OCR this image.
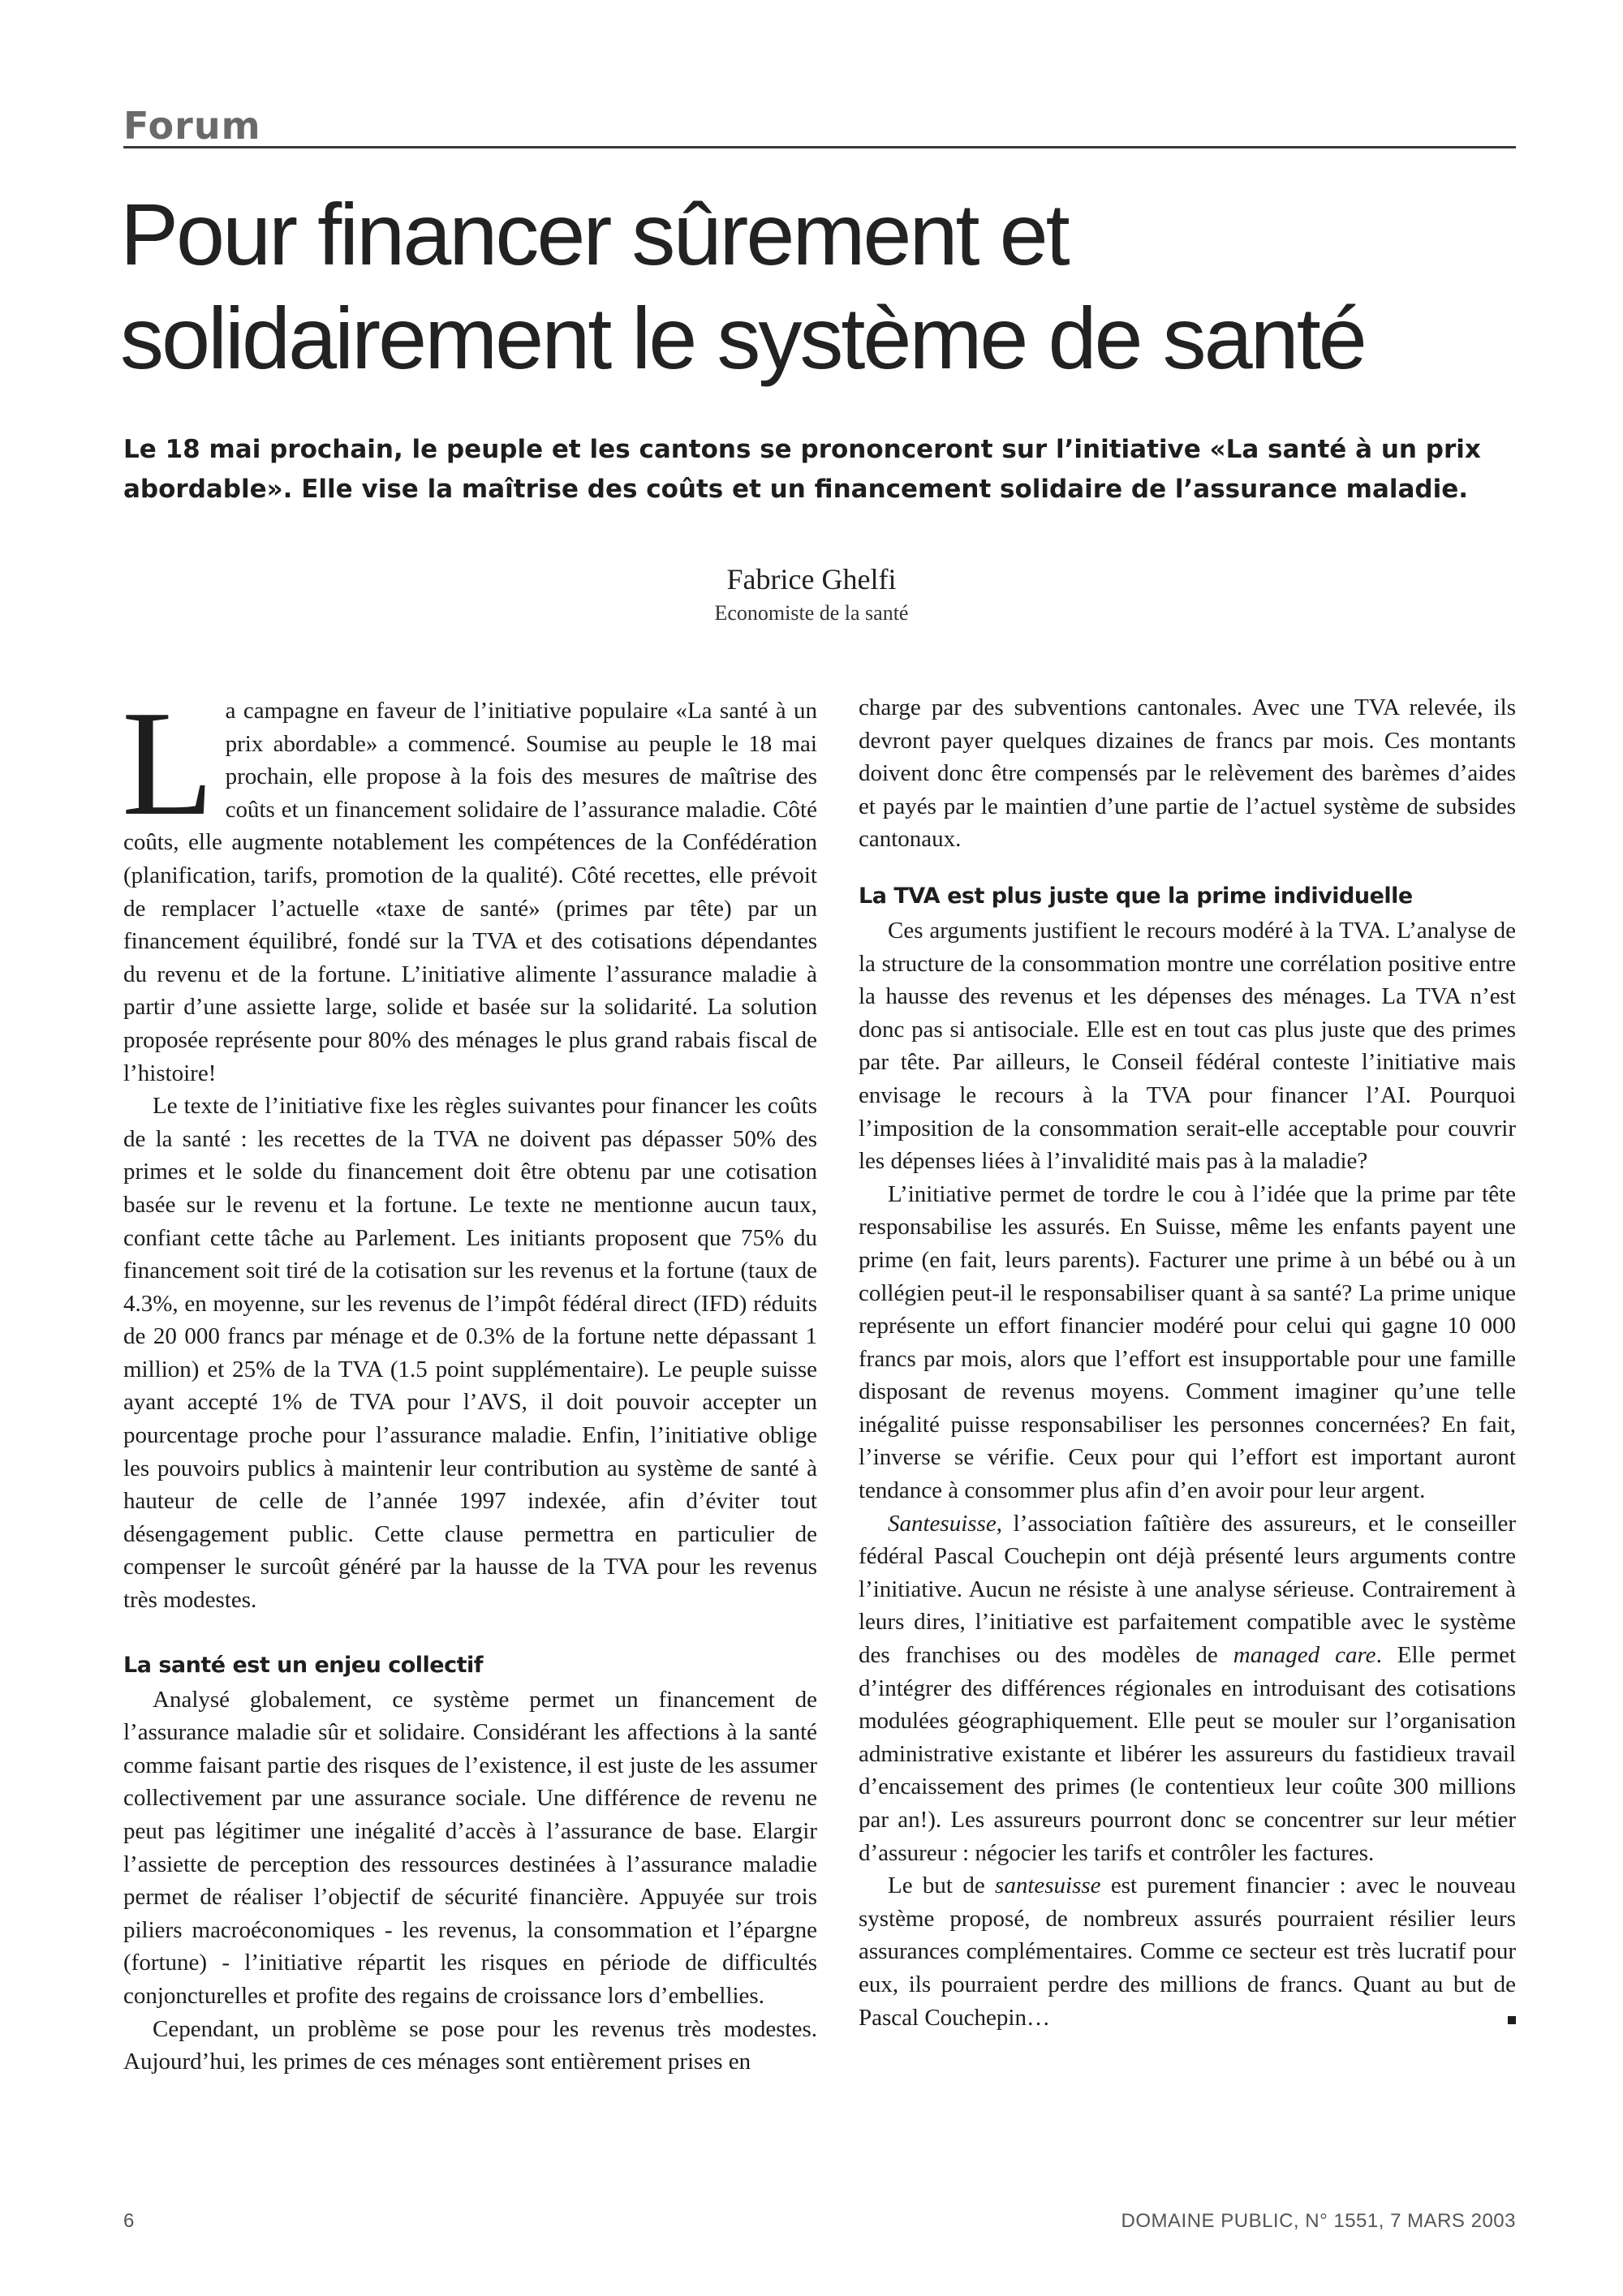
Forum
Pour financer sûrement et solidairement le système de santé

Le 18 mai prochain, le peuple et les cantons se prononceront sur l’initiative «La santé à un prix abordable». Elle vise la maîtrise des coûts et un financement solidaire de l’assurance maladie.

Fabrice Ghelfi
Economiste de la santé

La campagne en faveur de l’initiative populaire «La santé à un prix abordable» a commencé. Soumise au peuple le 18 mai prochain, elle propose à la fois des mesures de maîtrise des coûts et un financement solidaire de l’assurance maladie. Côté coûts, elle augmente notablement les compétences de la Confédération (planification, tarifs, promotion de la qualité). Côté recettes, elle prévoit de remplacer l’actuelle «taxe de santé» (primes par tête) par un financement équilibré, fondé sur la TVA et des cotisations dépendantes du revenu et de la fortune. L’initiative alimente l’assurance maladie à partir d’une assiette large, solide et basée sur la solidarité. La solution proposée représente pour 80% des ménages le plus grand rabais fiscal de l’histoire!

Le texte de l’initiative fixe les règles suivantes pour financer les coûts de la santé : les recettes de la TVA ne doivent pas dépasser 50% des primes et le solde du financement doit être obtenu par une cotisation basée sur le revenu et la fortune. Le texte ne mentionne aucun taux, confiant cette tâche au Parlement. Les initiants proposent que 75% du financement soit tiré de la cotisation sur les revenus et la fortune (taux de 4.3%, en moyenne, sur les revenus de l’impôt fédéral direct (IFD) réduits de 20 000 francs par ménage et de 0.3% de la fortune nette dépassant 1 million) et 25% de la TVA (1.5 point supplémentaire). Le peuple suisse ayant accepté 1% de TVA pour l’AVS, il doit pouvoir accepter un pourcentage proche pour l’assurance maladie. Enfin, l’initiative oblige les pouvoirs publics à maintenir leur contribution au système de santé à hauteur de celle de l’année 1997 indexée, afin d’éviter tout désengagement public. Cette clause permettra en particulier de compenser le surcoût généré par la hausse de la TVA pour les revenus très modestes.

La santé est un enjeu collectif

Analysé globalement, ce système permet un financement de l’assurance maladie sûr et solidaire. Considérant les affections à la santé comme faisant partie des risques de l’existence, il est juste de les assumer collectivement par une assurance sociale. Une différence de revenu ne peut pas légitimer une inégalité d’accès à l’assurance de base. Elargir l’assiette de perception des ressources destinées à l’assurance maladie permet de réaliser l’objectif de sécurité financière. Appuyée sur trois piliers macroéconomiques - les revenus, la consommation et l’épargne (fortune) - l’initiative répartit les risques en période de difficultés conjoncturelles et profite des regains de croissance lors d’embellies.

Cependant, un problème se pose pour les revenus très modestes. Aujourd’hui, les primes de ces ménages sont entièrement prises en

charge par des subventions cantonales. Avec une TVA relevée, ils devront payer quelques dizaines de francs par mois. Ces montants doivent donc être compensés par le relèvement des barèmes d’aides et payés par le maintien d’une partie de l’actuel système de subsides cantonaux.

La TVA est plus juste que la prime individuelle

Ces arguments justifient le recours modéré à la TVA. L’analyse de la structure de la consommation montre une corrélation positive entre la hausse des revenus et les dépenses des ménages. La TVA n’est donc pas si antisociale. Elle est en tout cas plus juste que des primes par tête. Par ailleurs, le Conseil fédéral conteste l’initiative mais envisage le recours à la TVA pour financer l’AI. Pourquoi l’imposition de la consommation serait-elle acceptable pour couvrir les dépenses liées à l’invalidité mais pas à la maladie?

L’initiative permet de tordre le cou à l’idée que la prime par tête responsabilise les assurés. En Suisse, même les enfants payent une prime (en fait, leurs parents). Facturer une prime à un bébé ou à un collégien peut-il le responsabiliser quant à sa santé? La prime unique représente un effort financier modéré pour celui qui gagne 10 000 francs par mois, alors que l’effort est insupportable pour une famille disposant de revenus moyens. Comment imaginer qu’une telle inégalité puisse responsabiliser les personnes concernées? En fait, l’inverse se vérifie. Ceux pour qui l’effort est important auront tendance à consommer plus afin d’en avoir pour leur argent.

Santesuisse, l’association faîtière des assureurs, et le conseiller fédéral Pascal Couchepin ont déjà présenté leurs arguments contre l’initiative. Aucun ne résiste à une analyse sérieuse. Contrairement à leurs dires, l’initiative est parfaitement compatible avec le système des franchises ou des modèles de managed care. Elle permet d’intégrer des différences régionales en introduisant des cotisations modulées géographiquement. Elle peut se mouler sur l’organisation administrative existante et libérer les assureurs du fastidieux travail d’encaissement des primes (le contentieux leur coûte 300 millions par an!). Les assureurs pourront donc se concentrer sur leur métier d’assureur : négocier les tarifs et contrôler les factures.

Le but de santesuisse est purement financier : avec le nouveau système proposé, de nombreux assurés pourraient résilier leurs assurances complémentaires. Comme ce secteur est très lucratif pour eux, ils pourraient perdre des millions de francs. Quant au but de Pascal Couchepin…

6	DOMAINE PUBLIC, N° 1551, 7 MARS 2003
